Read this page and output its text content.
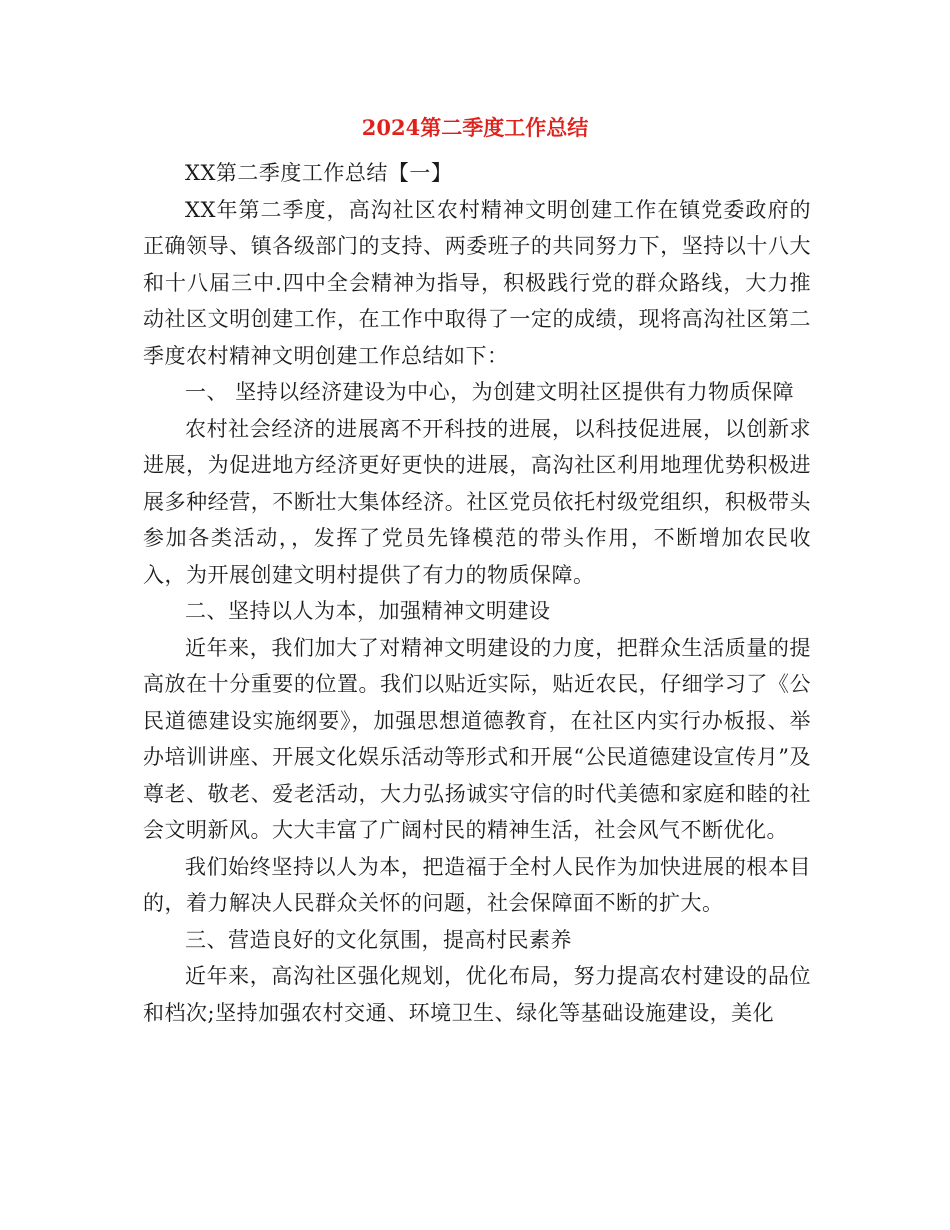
2024第二季度工作总结

XX第二季度工作总结【一】

XX年第二季度，高沟社区农村精神文明创建工作在镇党委政府的正确领导、镇各级部门的支持、两委班子的共同努力下，坚持以十八大和十八届三中.四中全会精神为指导，积极践行党的群众路线，大力推动社区文明创建工作，在工作中取得了一定的成绩，现将高沟社区第二季度农村精神文明创建工作总结如下：

一、 坚持以经济建设为中心，为创建文明社区提供有力物质保障

农村社会经济的进展离不开科技的进展，以科技促进展，以创新求进展，为促进地方经济更好更快的进展，高沟社区利用地理优势积极进展多种经营，不断壮大集体经济。社区党员依托村级党组织，积极带头参加各类活动，，发挥了党员先锋模范的带头作用，不断增加农民收入，为开展创建文明村提供了有力的物质保障。

二、坚持以人为本，加强精神文明建设

近年来，我们加大了对精神文明建设的力度，把群众生活质量的提高放在十分重要的位置。我们以贴近实际，贴近农民，仔细学习了《公民道德建设实施纲要》，加强思想道德教育，在社区内实行办板报、举办培训讲座、开展文化娱乐活动等形式和开展“公民道德建设宣传月”及尊老、敬老、爱老活动，大力弘扬诚实守信的时代美德和家庭和睦的社会文明新风。大大丰富了广阔村民的精神生活，社会风气不断优化。

我们始终坚持以人为本，把造福于全村人民作为加快进展的根本目的，着力解决人民群众关怀的问题，社会保障面不断的扩大。

三、营造良好的文化氛围，提高村民素养

近年来，高沟社区强化规划，优化布局，努力提高农村建设的品位和档次;坚持加强农村交通、环境卫生、绿化等基础设施建设，美化
